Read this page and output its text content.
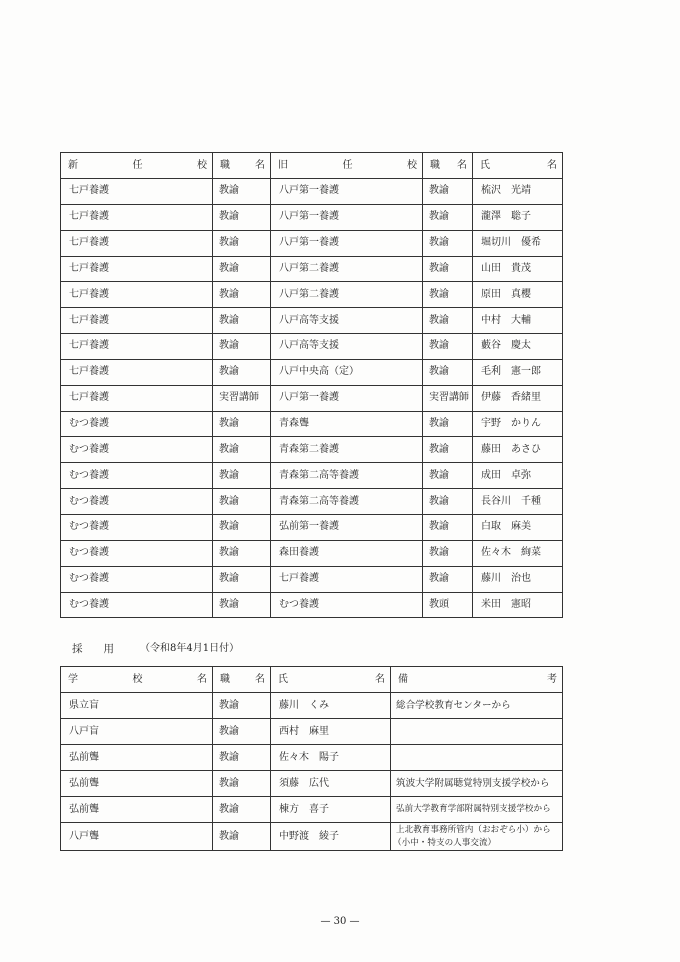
新任校	職名	旧任校	職名	氏名
七戸養護	教諭	八戸第一養護	教諭	梳沢　光靖
七戸養護	教諭	八戸第一養護	教諭	瀧澤　聡子
七戸養護	教諭	八戸第一養護	教諭	堀切川　優希
七戸養護	教諭	八戸第二養護	教諭	山田　貴茂
七戸養護	教諭	八戸第二養護	教諭	原田　真櫻
七戸養護	教諭	八戸高等支援	教諭	中村　大輔
七戸養護	教諭	八戸高等支援	教諭	藪谷　慶太
七戸養護	教諭	八戸中央高（定）	教諭	毛利　憲一郎
七戸養護	実習講師	八戸第一養護	実習講師	伊藤　香緒里
むつ養護	教諭	青森聾	教諭	宇野　かりん
むつ養護	教諭	青森第二養護	教諭	藤田　あさひ
むつ養護	教諭	青森第二高等養護	教諭	成田　卓弥
むつ養護	教諭	青森第二高等養護	教諭	長谷川　千種
むつ養護	教諭	弘前第一養護	教諭	白取　麻美
むつ養護	教諭	森田養護	教諭	佐々木　絢菜
むつ養護	教諭	七戸養護	教諭	藤川　治也
むつ養護	教諭	むつ養護	教頭	米田　憲昭
採　　用	（令和8年4月1日付）
学校名	職名	氏名	備考
県立盲	教諭	藤川　くみ	総合学校教育センターから

八戸盲	教諭	西村　麻里	
弘前聾	教諭	佐々木　陽子	
弘前聾	教諭	須藤　広代	筑波大学附属聴覚特別支援学校から

弘前聾	教諭	棟方　喜子	弘前大学教育学部附属特別支援学校から

八戸聾	教諭	中野渡　綾子	上北教育事務所管内（おおぞら小）から
（小中・特支の人事交流）
— 30 —
